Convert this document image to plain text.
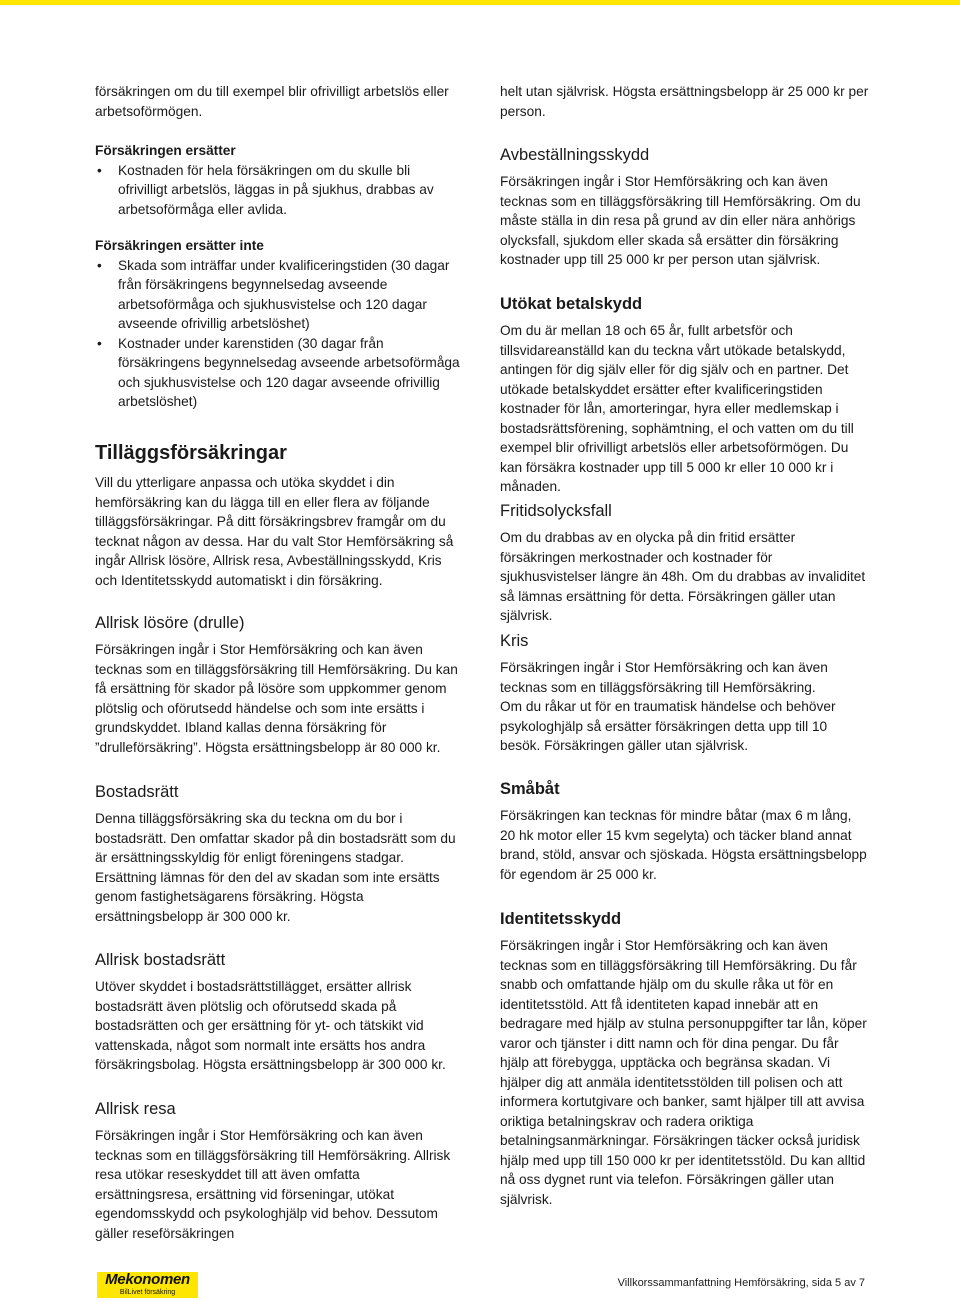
försäkringen om du till exempel blir ofrivilligt arbetslös eller arbetsoförmögen.

Försäkringen ersätter
• Kostnaden för hela försäkringen om du skulle bli ofrivilligt arbetslös, läggas in på sjukhus, drabbas av arbetsoförmåga eller avlida.
Försäkringen ersätter inte
• Skada som inträffar under kvalificeringstiden (30 dagar från försäkringens begynnelsedag avseende arbetsoförmåga och sjukhusvistelse och 120 dagar avseende ofrivillig arbetslöshet)
• Kostnader under karenstiden (30 dagar från försäkringens begynnelsedag avseende arbetsoförmåga och sjukhusvistelse och 120 dagar avseende ofrivillig arbetslöshet)
Tilläggsförsäkringar

Vill du ytterligare anpassa och utöka skyddet i din hemförsäkring kan du lägga till en eller flera av följande tilläggsförsäkringar. På ditt försäkringsbrev framgår om du tecknat någon av dessa. Har du valt Stor Hemförsäkring så ingår Allrisk lösöre, Allrisk resa, Avbeställningsskydd, Kris och Identitetsskydd automatiskt i din försäkring.

Allrisk lösöre (drulle)

Försäkringen ingår i Stor Hemförsäkring och kan även tecknas som en tilläggsförsäkring till Hemförsäkring. Du kan få ersättning för skador på lösöre som uppkommer genom plötslig och oförutsedd händelse och som inte ersätts i grundskyddet. Ibland kallas denna försäkring för ”drulleförsäkring”. Högsta ersättningsbelopp är 80 000 kr.

Bostadsrätt

Denna tilläggsförsäkring ska du teckna om du bor i bostadsrätt. Den omfattar skador på din bostadsrätt som du är ersättningsskyldig för enligt föreningens stadgar. Ersättning lämnas för den del av skadan som inte ersätts genom fastighetsägarens försäkring. Högsta ersättningsbelopp är 300 000 kr.

Allrisk bostadsrätt

Utöver skyddet i bostadsrättstillägget, ersätter allrisk bostadsrätt även plötslig och oförutsedd skada på bostadsrätten och ger ersättning för yt- och tätskikt vid vattenskada, något som normalt inte ersätts hos andra försäkringsbolag. Högsta ersättningsbelopp är 300 000 kr.

Allrisk resa

Försäkringen ingår i Stor Hemförsäkring och kan även tecknas som en tilläggsförsäkring till Hemförsäkring. Allrisk resa utökar reseskyddet till att även omfatta ersättningsresa, ersättning vid förseningar, utökat egendomsskydd och psykologhjälp vid behov. Dessutom gäller reseförsäkringen

helt utan självrisk. Högsta ersättningsbelopp är 25 000 kr per person.

Avbeställningsskydd

Försäkringen ingår i Stor Hemförsäkring och kan även tecknas som en tilläggsförsäkring till Hemförsäkring. Om du måste ställa in din resa på grund av din eller nära anhörigs olycksfall, sjukdom eller skada så ersätter din försäkring kostnader upp till 25 000 kr per person utan självrisk.

Utökat betalskydd

Om du är mellan 18 och 65 år, fullt arbetsför och tillsvidareanställd kan du teckna vårt utökade betalskydd, antingen för dig själv eller för dig själv och en partner. Det utökade betalskyddet ersätter efter kvalificeringstiden kostnader för lån, amorteringar, hyra eller medlemskap i bostadsrättsförening, sophämtning, el och vatten om du till exempel blir ofrivilligt arbetslös eller arbetsoförmögen. Du kan försäkra kostnader upp till 5 000 kr eller 10 000 kr i månaden.

Fritidsolycksfall

Om du drabbas av en olycka på din fritid ersätter försäkringen merkostnader och kostnader för sjukhusvistelser längre än 48h. Om du drabbas av invaliditet så lämnas ersättning för detta. Försäkringen gäller utan självrisk.

Kris

Försäkringen ingår i Stor Hemförsäkring och kan även tecknas som en tilläggsförsäkring till Hemförsäkring.

Om du råkar ut för en traumatisk händelse och behöver psykologhjälp så ersätter försäkringen detta upp till 10 besök. Försäkringen gäller utan självrisk.

Småbåt

Försäkringen kan tecknas för mindre båtar (max 6 m lång, 20 hk motor eller 15 kvm segelyta) och täcker bland annat brand, stöld, ansvar och sjöskada. Högsta ersättningsbelopp för egendom är 25 000 kr.

Identitetsskydd

Försäkringen ingår i Stor Hemförsäkring och kan även tecknas som en tilläggsförsäkring till Hemförsäkring. Du får snabb och omfattande hjälp om du skulle råka ut för en identitetsstöld. Att få identiteten kapad innebär att en bedragare med hjälp av stulna personuppgifter tar lån, köper varor och tjänster i ditt namn och för dina pengar. Du får hjälp att förebygga, upptäcka och begränsa skadan. Vi hjälper dig att anmäla identitetsstölden till polisen och att informera kortutgivare och banker, samt hjälper till att avvisa oriktiga betalningskrav och radera oriktiga betalningsanmärkningar. Försäkringen täcker också juridisk hjälp med upp till 150 000 kr per identitetsstöld. Du kan alltid nå oss dygnet runt via telefon. Försäkringen gäller utan självrisk.

Mekonomen
BilLivet försäkring
Villkorssammanfattning Hemförsäkring, sida 5 av 7
